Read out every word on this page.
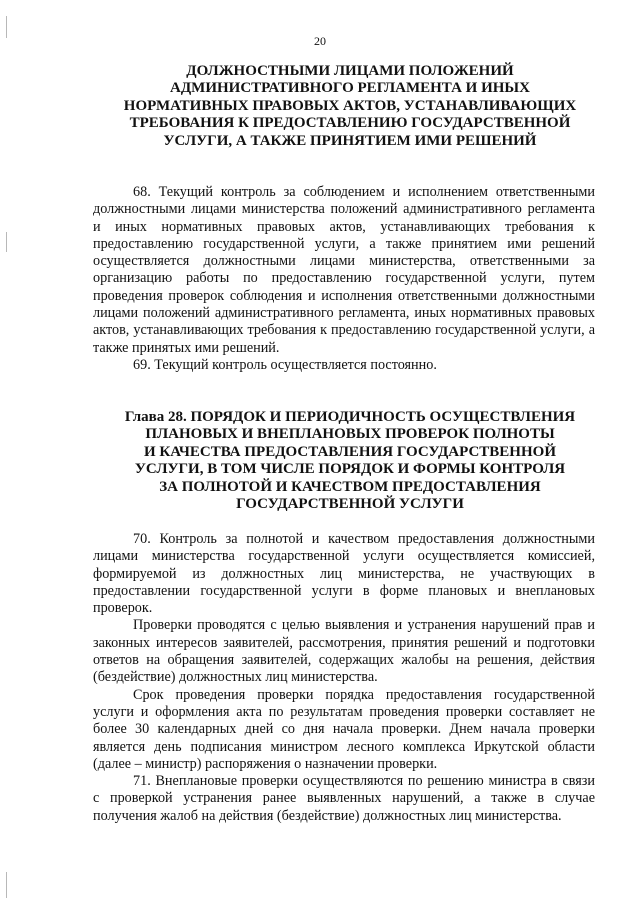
20
ДОЛЖНОСТНЫМИ ЛИЦАМИ ПОЛОЖЕНИЙ
АДМИНИСТРАТИВНОГО РЕГЛАМЕНТА И ИНЫХ
НОРМАТИВНЫХ ПРАВОВЫХ АКТОВ, УСТАНАВЛИВАЮЩИХ
ТРЕБОВАНИЯ К ПРЕДОСТАВЛЕНИЮ ГОСУДАРСТВЕННОЙ
УСЛУГИ, А ТАКЖЕ ПРИНЯТИЕМ ИМИ РЕШЕНИЙ

68. Текущий контроль за соблюдением и исполнением ответственными должностными лицами министерства положений административного регламента и иных нормативных правовых актов, устанавливающих требования к предоставлению государственной услуги, а также принятием ими решений осуществляется должностными лицами министерства, ответственными за организацию работы по предоставлению государственной услуги, путем проведения проверок соблюдения и исполнения ответственными должностными лицами положений административного регламента, иных нормативных правовых актов, устанавливающих требования к предоставлению государственной услуги, а также принятых ими решений.

69. Текущий контроль осуществляется постоянно.

Глава 28. ПОРЯДОК И ПЕРИОДИЧНОСТЬ ОСУЩЕСТВЛЕНИЯ
ПЛАНОВЫХ И ВНЕПЛАНОВЫХ ПРОВЕРОК ПОЛНОТЫ
И КАЧЕСТВА ПРЕДОСТАВЛЕНИЯ ГОСУДАРСТВЕННОЙ
УСЛУГИ, В ТОМ ЧИСЛЕ ПОРЯДОК И ФОРМЫ КОНТРОЛЯ
ЗА ПОЛНОТОЙ И КАЧЕСТВОМ ПРЕДОСТАВЛЕНИЯ
ГОСУДАРСТВЕННОЙ УСЛУГИ

70. Контроль за полнотой и качеством предоставления должностными лицами министерства государственной услуги осуществляется комиссией, формируемой из должностных лиц министерства, не участвующих в предоставлении государственной услуги в форме плановых и внеплановых проверок.

Проверки проводятся с целью выявления и устранения нарушений прав и законных интересов заявителей, рассмотрения, принятия решений и подготовки ответов на обращения заявителей, содержащих жалобы на решения, действия (бездействие) должностных лиц министерства.

Срок проведения проверки порядка предоставления государственной услуги и оформления акта по результатам проведения проверки составляет не более 30 календарных дней со дня начала проверки. Днем начала проверки является день подписания министром лесного комплекса Иркутской области (далее – министр) распоряжения о назначении проверки.

71. Внеплановые проверки осуществляются по решению министра в связи с проверкой устранения ранее выявленных нарушений, а также в случае получения жалоб на действия (бездействие) должностных лиц министерства.
